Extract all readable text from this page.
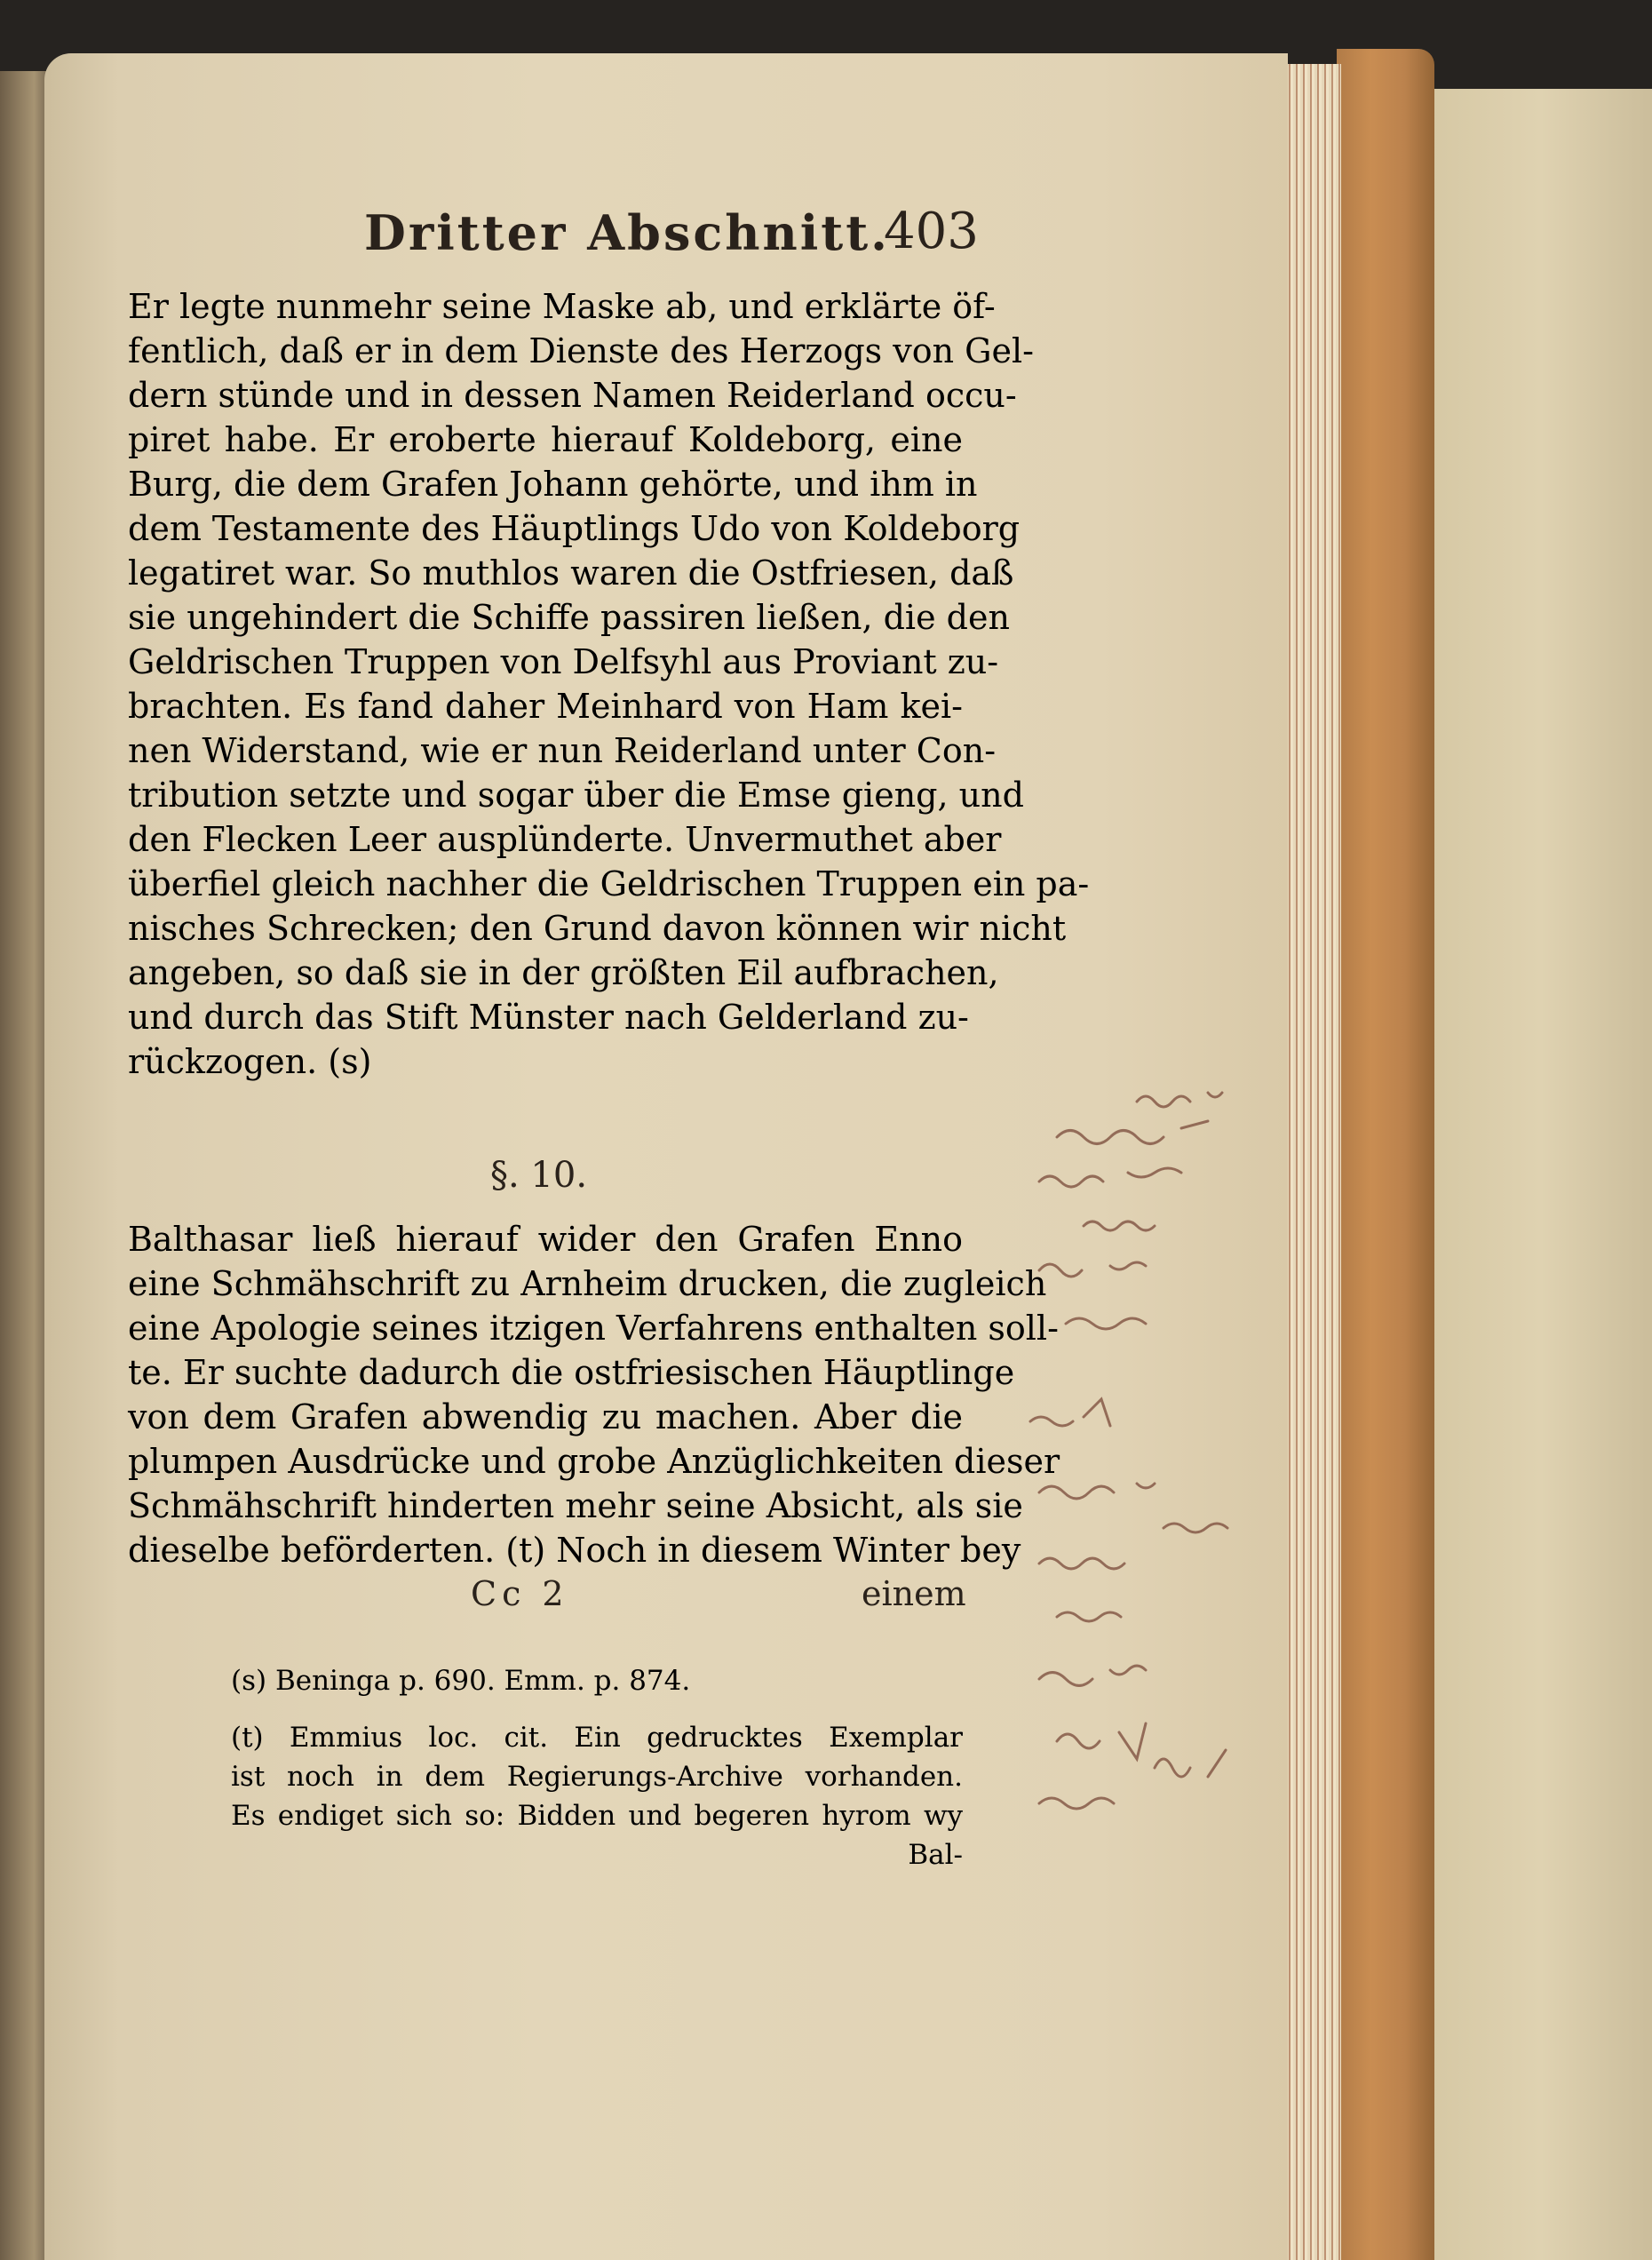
Dritter Abschnitt.
403
Er legte nunmehr seine Maske ab, und erklärte öf-
fentlich, daß er in dem Dienste des Herzogs von Gel-
dern stünde und in dessen Namen Reiderland occu-
piret habe. Er eroberte hierauf Koldeborg, eine
Burg, die dem Grafen Johann gehörte, und ihm in
dem Testamente des Häuptlings Udo von Koldeborg
legatiret war. So muthlos waren die Ostfriesen, daß
sie ungehindert die Schiffe passiren ließen, die den
Geldrischen Truppen von Delfsyhl aus Proviant zu-
brachten. Es fand daher Meinhard von Ham kei-
nen Widerstand, wie er nun Reiderland unter Con-
tribution setzte und sogar über die Emse gieng, und
den Flecken Leer ausplünderte. Unvermuthet aber
überfiel gleich nachher die Geldrischen Truppen ein pa-
nisches Schrecken; den Grund davon können wir nicht
angeben, so daß sie in der größten Eil aufbrachen,
und durch das Stift Münster nach Gelderland zu-
rückzogen. (s)
§. 10.
Balthasar ließ hierauf wider den Grafen Enno
eine Schmähschrift zu Arnheim drucken, die zugleich
eine Apologie seines itzigen Verfahrens enthalten soll-
te. Er suchte dadurch die ostfriesischen Häuptlinge
von dem Grafen abwendig zu machen. Aber die
plumpen Ausdrücke und grobe Anzüglichkeiten dieser
Schmähschrift hinderten mehr seine Absicht, als sie
dieselbe beförderten. (t) Noch in diesem Winter bey
Cc 2	einem
(s) Beninga p. 690. Emm. p. 874.
(t) Emmius loc. cit. Ein gedrucktes Exemplar
ist noch in dem Regierungs-Archive vorhanden.
Es endiget sich so: Bidden und begeren hyrom wy
Bal-
